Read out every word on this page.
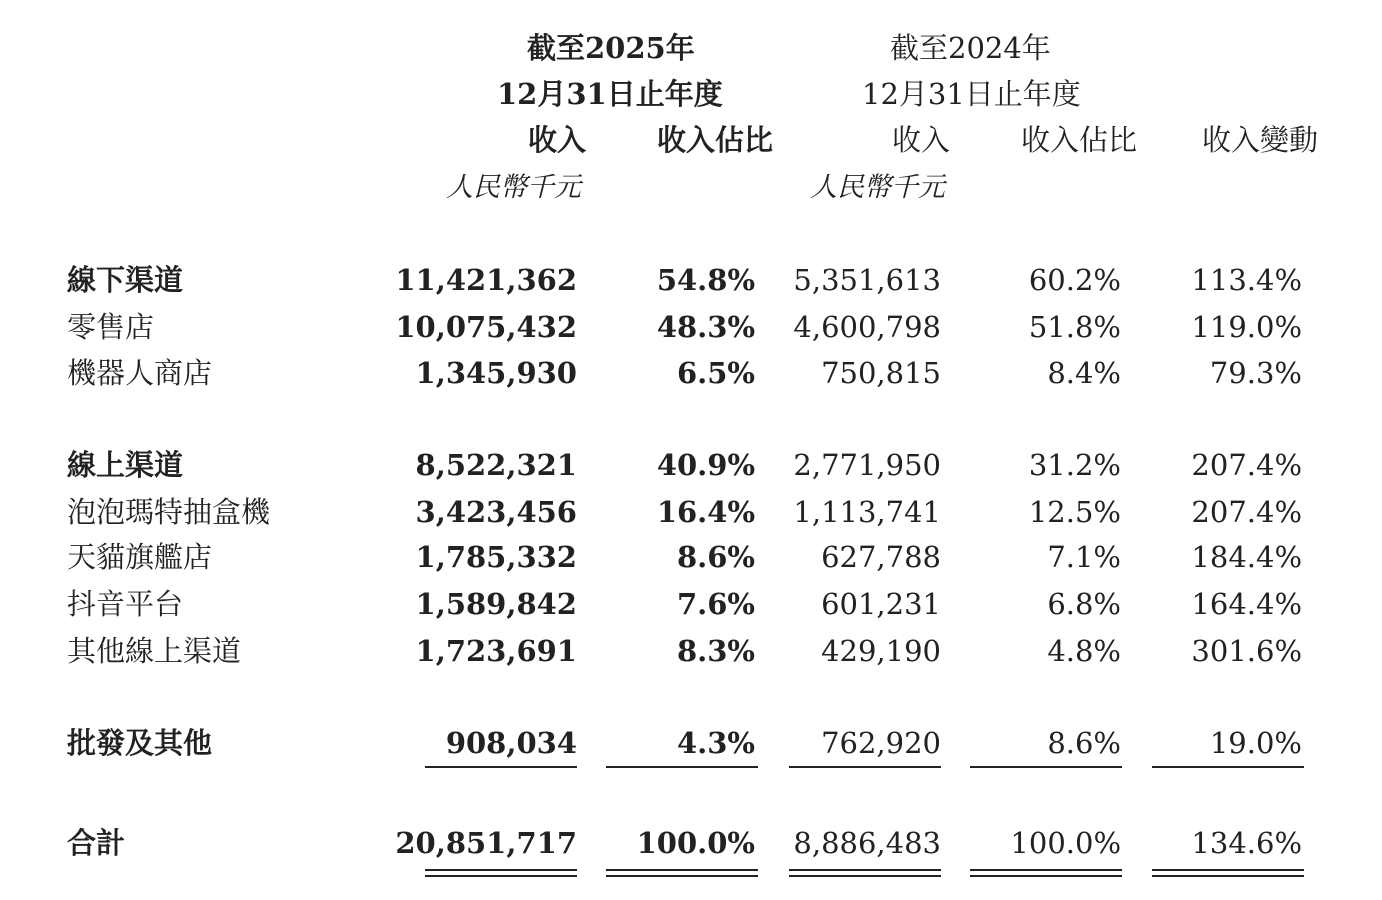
截至2025年
12月31日止年度
截至2024年
12月31日止年度
收入 收入佔比	收入 收入佔比 收入變動
人民幣千元	人民幣千元
線下渠道	11,421,362	54.8% 5,351,613	60.2% 113.4%
零售店	10,075,432	48.3% 4,600,798	51.8% 119.0%
機器人商店	1,345,930	6.5% 750,815	8.4%	79.3%
線上渠道	8,522,321	40.9% 2,771,950	31.2% 207.4%
泡泡瑪特抽盒機	3,423,456	16.4% 1,113,741	12.5% 207.4%
天貓旗艦店	1,785,332	8.6% 627,788	7.1% 184.4%
抖音平台	1,589,842	7.6% 601,231	6.8% 164.4%
其他線上渠道	1,723,691	8.3% 429,190	4.8% 301.6%
批發及其他	908,034	4.3% 762,920	8.6%	19.0%
合計	20,851,717 100.0% 8,886,483 100.0% 134.6%
